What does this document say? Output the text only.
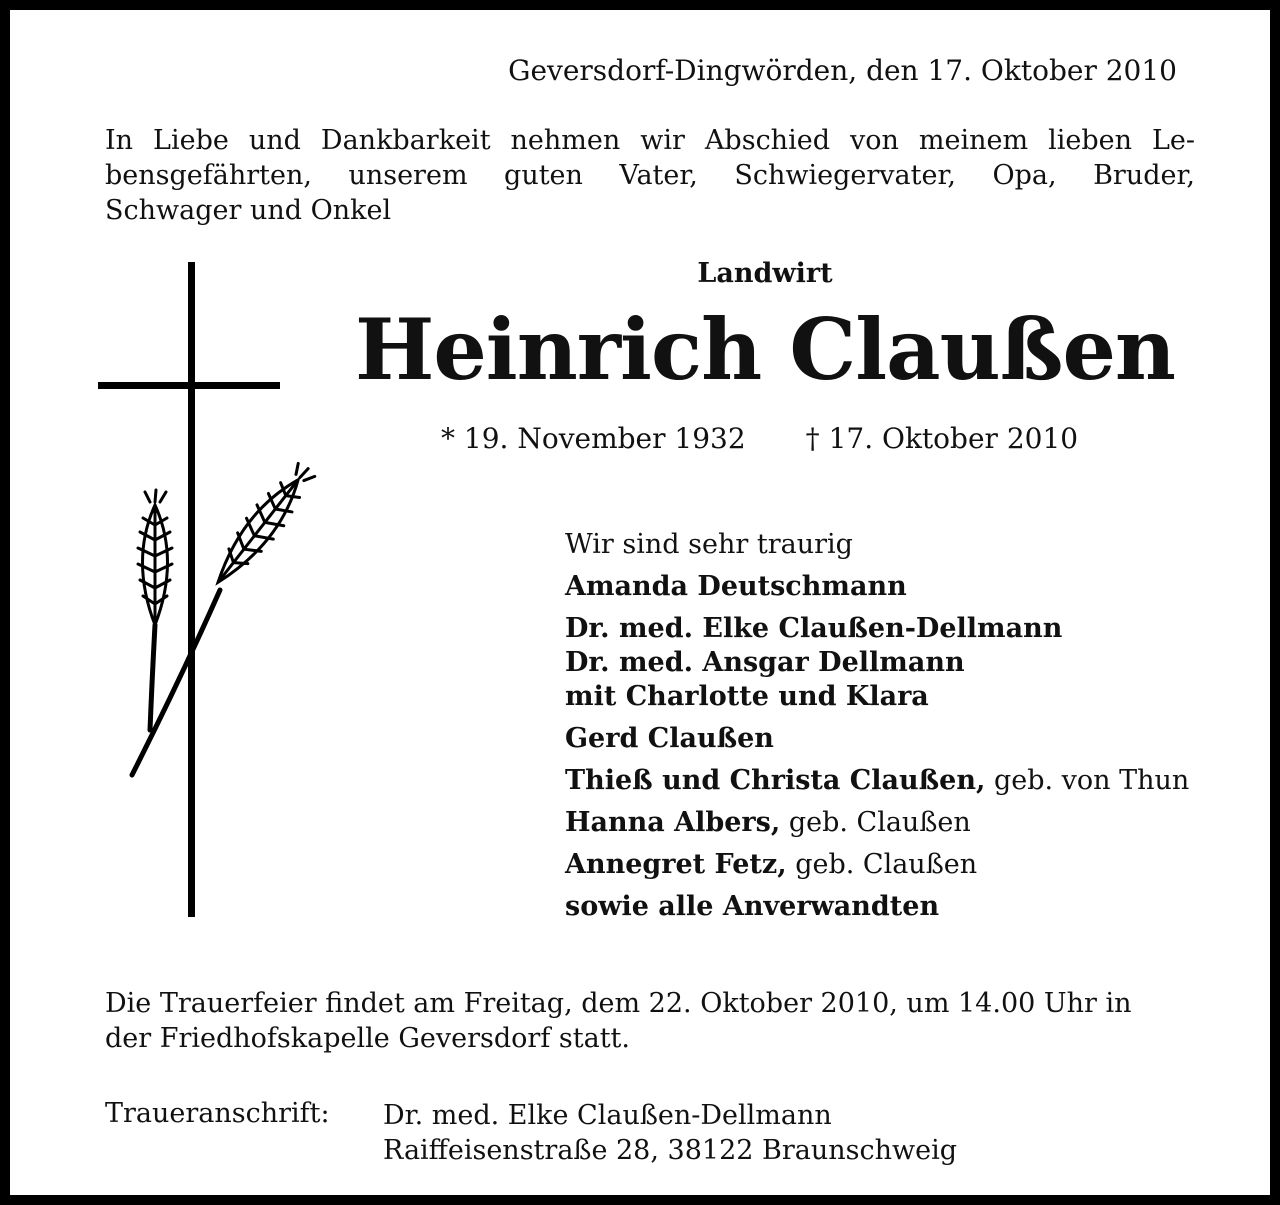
Geversdorf-Dingwörden, den 17. Oktober 2010
In Liebe und Dankbarkeit nehmen wir Abschied von meinem lieben Le-
bensgefährten, unserem guten Vater, Schwiegervater, Opa, Bruder,
Schwager und Onkel
Landwirt
Heinrich Claußen
* 19. November 1932 † 17. Oktober 2010
Wir sind sehr traurig
Amanda Deutschmann
Dr. med. Elke Claußen-Dellmann
Dr. med. Ansgar Dellmann
mit Charlotte und Klara
Gerd Claußen
Thieß und Christa Claußen, geb. von Thun
Hanna Albers, geb. Claußen
Annegret Fetz, geb. Claußen
sowie alle Anverwandten
Die Trauerfeier findet am Freitag, dem 22. Oktober 2010, um 14.00 Uhr in
der Friedhofskapelle Geversdorf statt.
Traueranschrift: Dr. med. Elke Claußen-Dellmann
Raiffeisenstraße 28, 38122 Braunschweig
